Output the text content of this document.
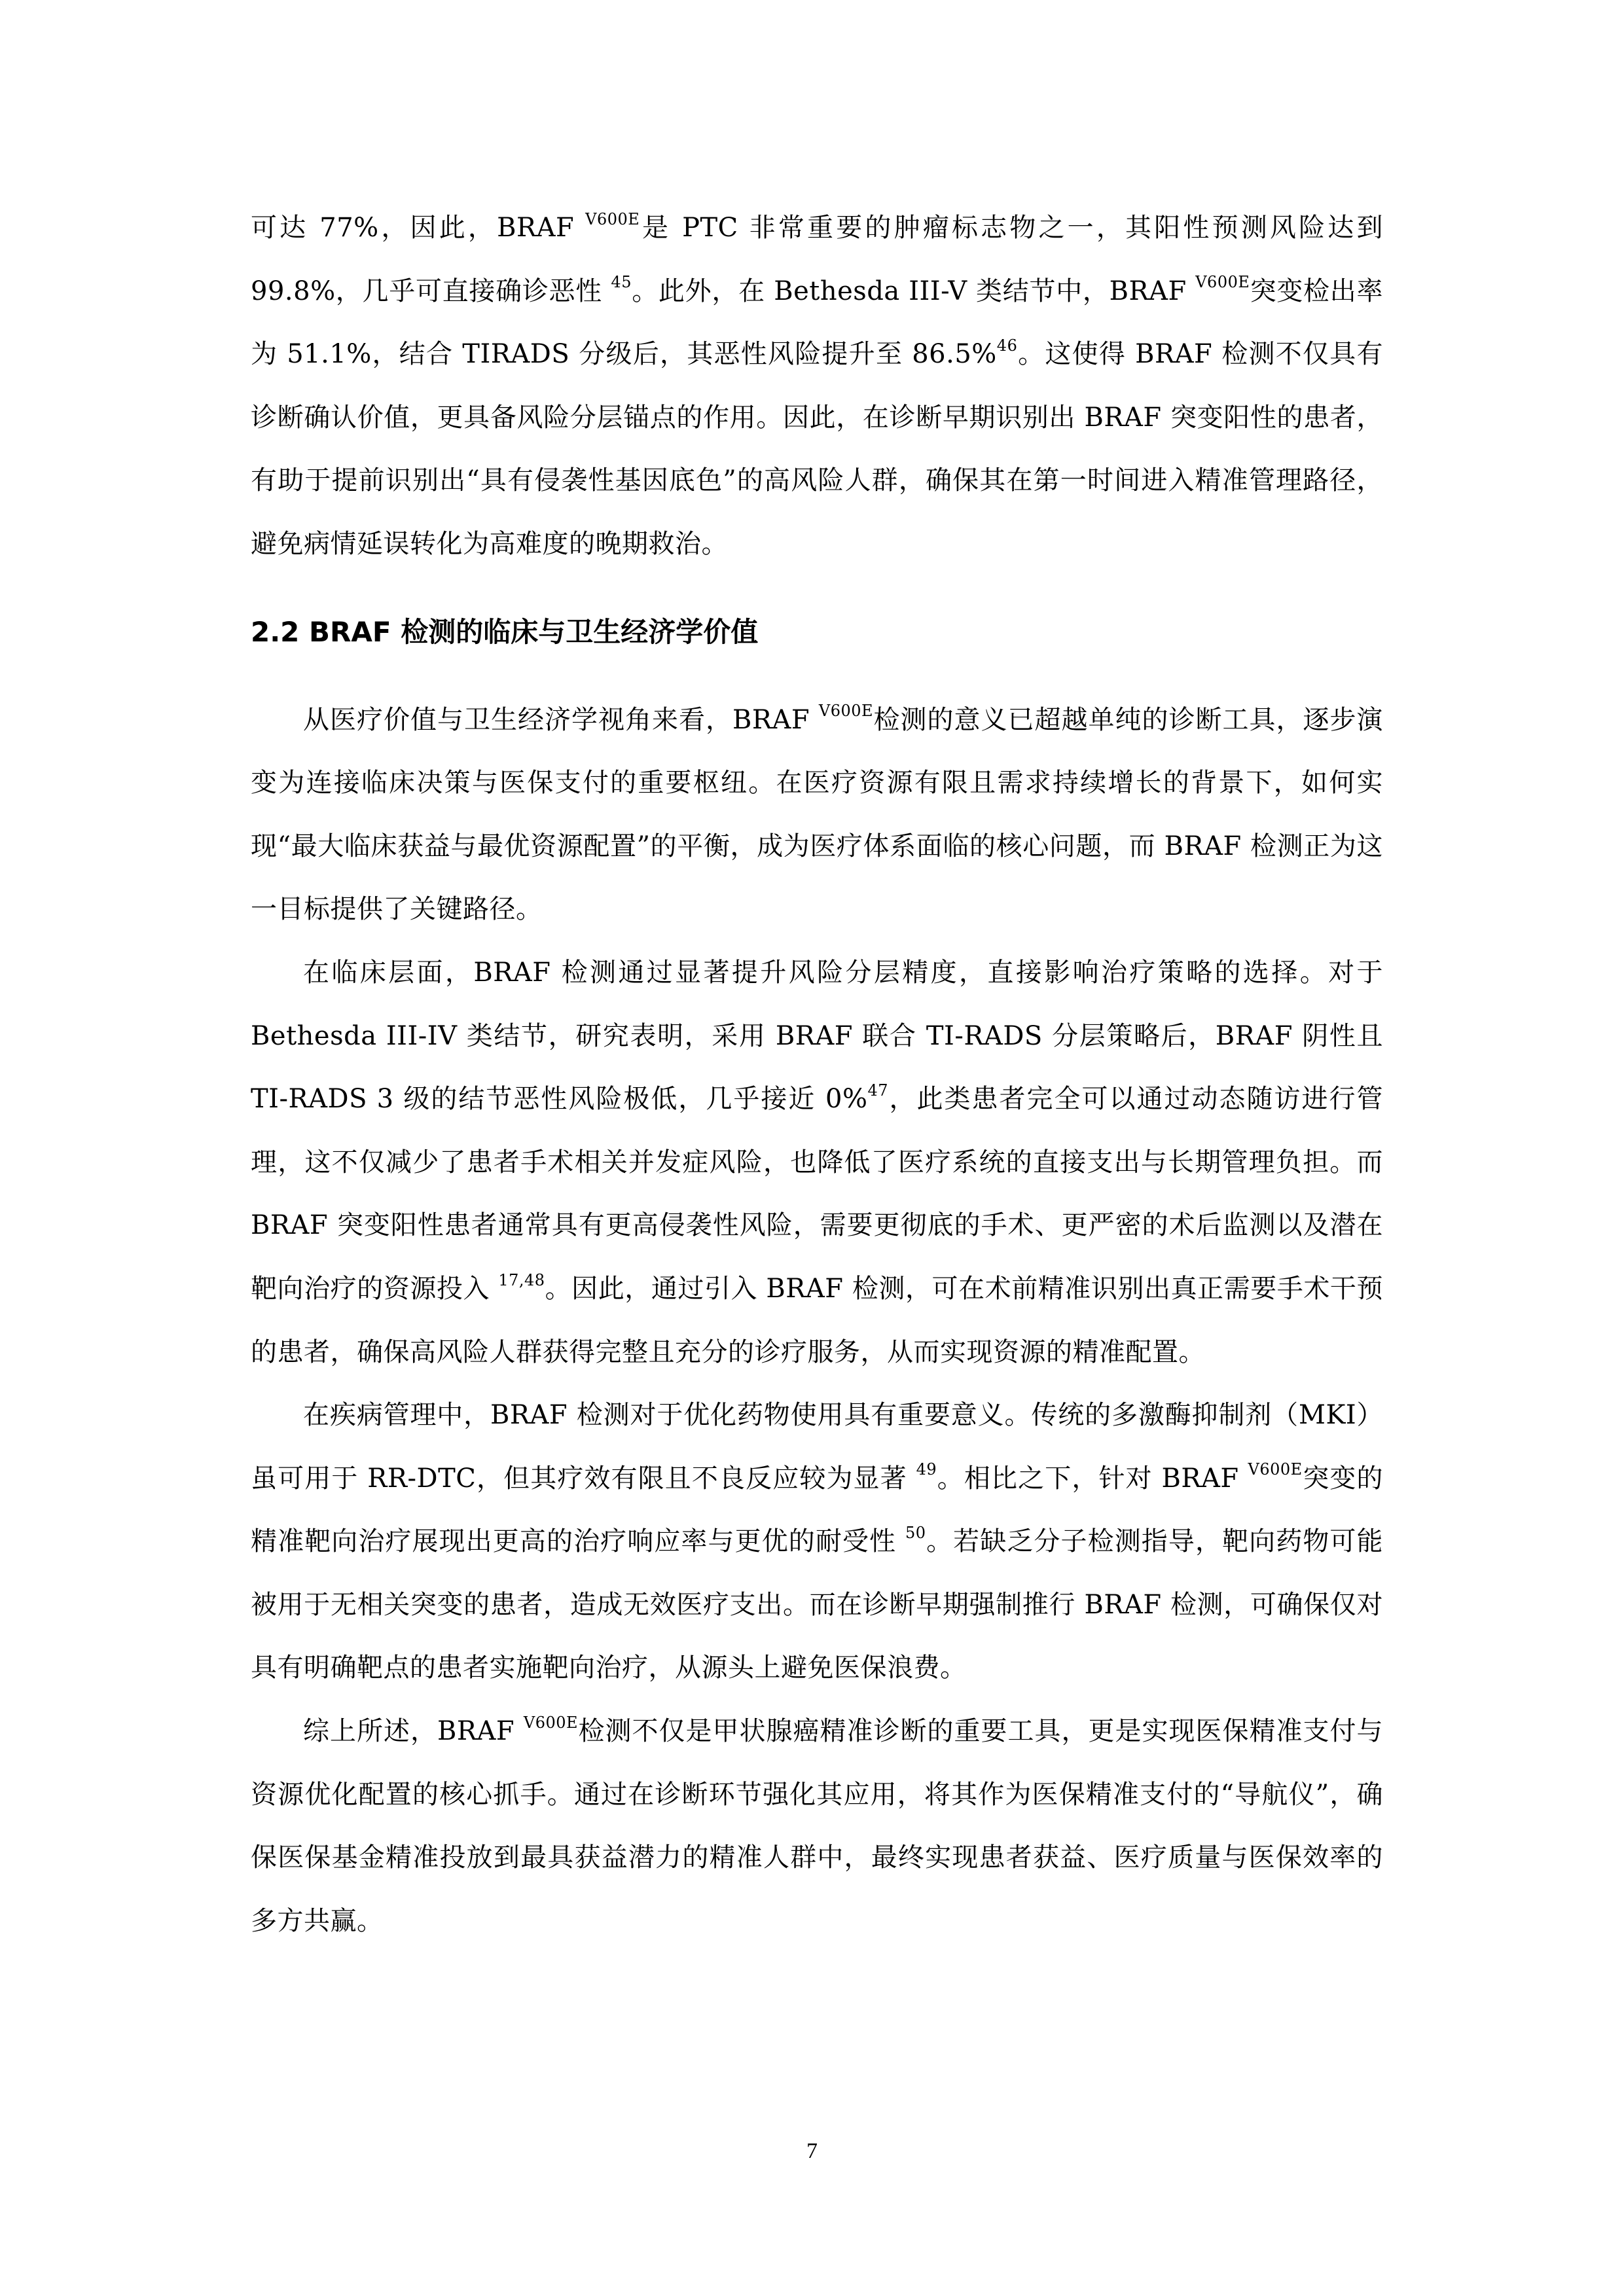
可达 77%，因此，BRAF $^{V600E}$是 PTC 非常重要的肿瘤标志物之一，其阳性预测风险达到 99.8%，几乎可直接确诊恶性 $^{45}$。此外，在 Bethesda III-V 类结节中，BRAF $^{V600E}$突变检出率为 51.1%，结合 TIRADS 分级后，其恶性风险提升至 86.5%$^{46}$。这使得 BRAF 检测不仅具有诊断确认价值，更具备风险分层锚点的作用。因此，在诊断早期识别出 BRAF 突变阳性的患者，有助于提前识别出“具有侵袭性基因底色”的高风险人群，确保其在第一时间进入精准管理路径，避免病情延误转化为高难度的晚期救治。

2.2 BRAF 检测的临床与卫生经济学价值

从医疗价值与卫生经济学视角来看，BRAF $^{V600E}$检测的意义已超越单纯的诊断工具，逐步演变为连接临床决策与医保支付的重要枢纽。在医疗资源有限且需求持续增长的背景下，如何实现“最大临床获益与最优资源配置”的平衡，成为医疗体系面临的核心问题，而 BRAF 检测正为这一目标提供了关键路径。

在临床层面，BRAF 检测通过显著提升风险分层精度，直接影响治疗策略的选择。对于 Bethesda III-IV 类结节，研究表明，采用 BRAF 联合 TI-RADS 分层策略后，BRAF 阴性且 TI-RADS 3 级的结节恶性风险极低，几乎接近 0%$^{47}$，此类患者完全可以通过动态随访进行管理，这不仅减少了患者手术相关并发症风险，也降低了医疗系统的直接支出与长期管理负担。而 BRAF 突变阳性患者通常具有更高侵袭性风险，需要更彻底的手术、更严密的术后监测以及潜在靶向治疗的资源投入 $^{17,48}$。因此，通过引入 BRAF 检测，可在术前精准识别出真正需要手术干预的患者，确保高风险人群获得完整且充分的诊疗服务，从而实现资源的精准配置。

在疾病管理中，BRAF 检测对于优化药物使用具有重要意义。传统的多激酶抑制剂（MKI）虽可用于 RR-DTC，但其疗效有限且不良反应较为显著 $^{49}$。相比之下，针对 BRAF $^{V600E}$突变的精准靶向治疗展现出更高的治疗响应率与更优的耐受性 $^{50}$。若缺乏分子检测指导，靶向药物可能被用于无相关突变的患者，造成无效医疗支出。而在诊断早期强制推行 BRAF 检测，可确保仅对具有明确靶点的患者实施靶向治疗，从源头上避免医保浪费。

综上所述，BRAF $^{V600E}$检测不仅是甲状腺癌精准诊断的重要工具，更是实现医保精准支付与资源优化配置的核心抓手。通过在诊断环节强化其应用，将其作为医保精准支付的“导航仪”，确保医保基金精准投放到最具获益潜力的精准人群中，最终实现患者获益、医疗质量与医保效率的多方共赢。

7
